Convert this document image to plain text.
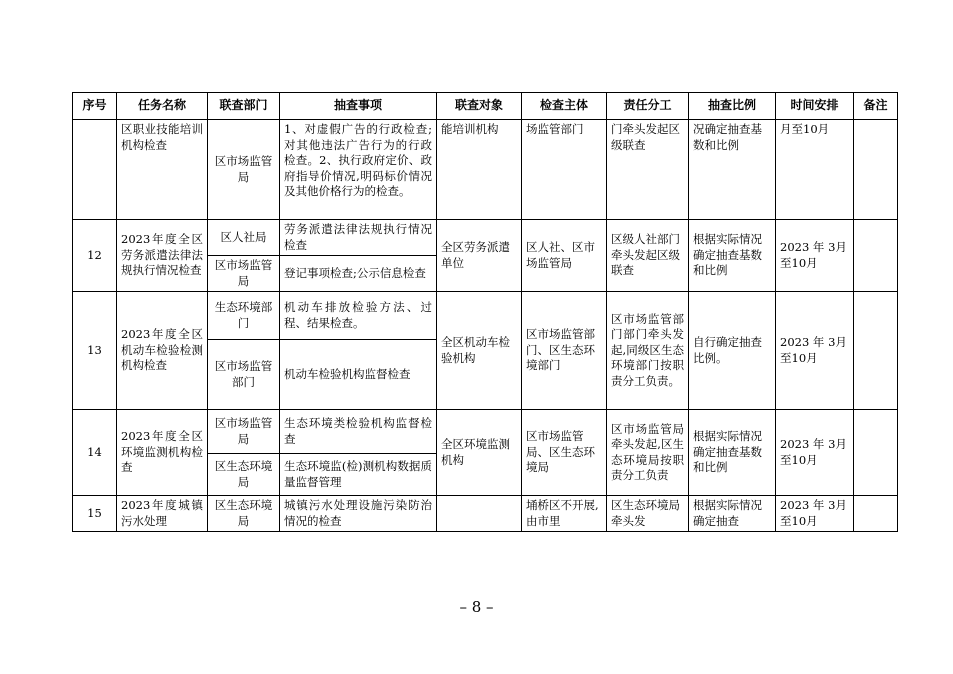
序号	任务名称	联查部门	抽查事项	联查对象	检查主体	责任分工	抽查比例	时间安排	备注
	区职业技能培训机构检查	区市场监管局	1、对虚假广告的行政检查;对其他违法广告行为的行政检查。2、执行政府定价、政府指导价情况,明码标价情况及其他价格行为的检查。	能培训机构	场监管部门	门牵头发起区级联查	况确定抽查基数和比例	月至10月	
12	2023年度全区劳务派遣法律法规执行情况检查	区人社局	劳务派遣法律法规执行情况检查	全区劳务派遣单位	区人社、区市场监管局	区级人社部门牵头发起区级联查	根据实际情况确定抽查基数和比例	2023 年 3月至10月	
		区市场监管局	登记事项检查;公示信息检查						
13	2023年度全区机动车检验检测机构检查	生态环境部门	机动车排放检验方法、过程、结果检查。	全区机动车检验机构	区市场监管部门、区生态环境部门	区市场监管部门部门牵头发起,同级区生态环境部门按职责分工负责。	自行确定抽查比例。	2023 年 3月至10月	
		区市场监管部门	机动车检验机构监督检查						
14	2023年度全区环境监测机构检查	区市场监管局	生态环境类检验机构监督检查	全区环境监测机构	区市场监管局、区生态环境局	区市场监管局牵头发起,区生态环境局按职责分工负责	根据实际情况确定抽查基数和比例	2023 年 3月至10月	
		区生态环境局	生态环境监(检)测机构数据质量监督管理						
15	2023年度城镇污水处理	区生态环境局	城镇污水处理设施污染防治情况的检查		埇桥区不开展,由市里	区生态环境局牵头发	根据实际情况确定抽查	2023 年 3月至10月	
– 8 –
